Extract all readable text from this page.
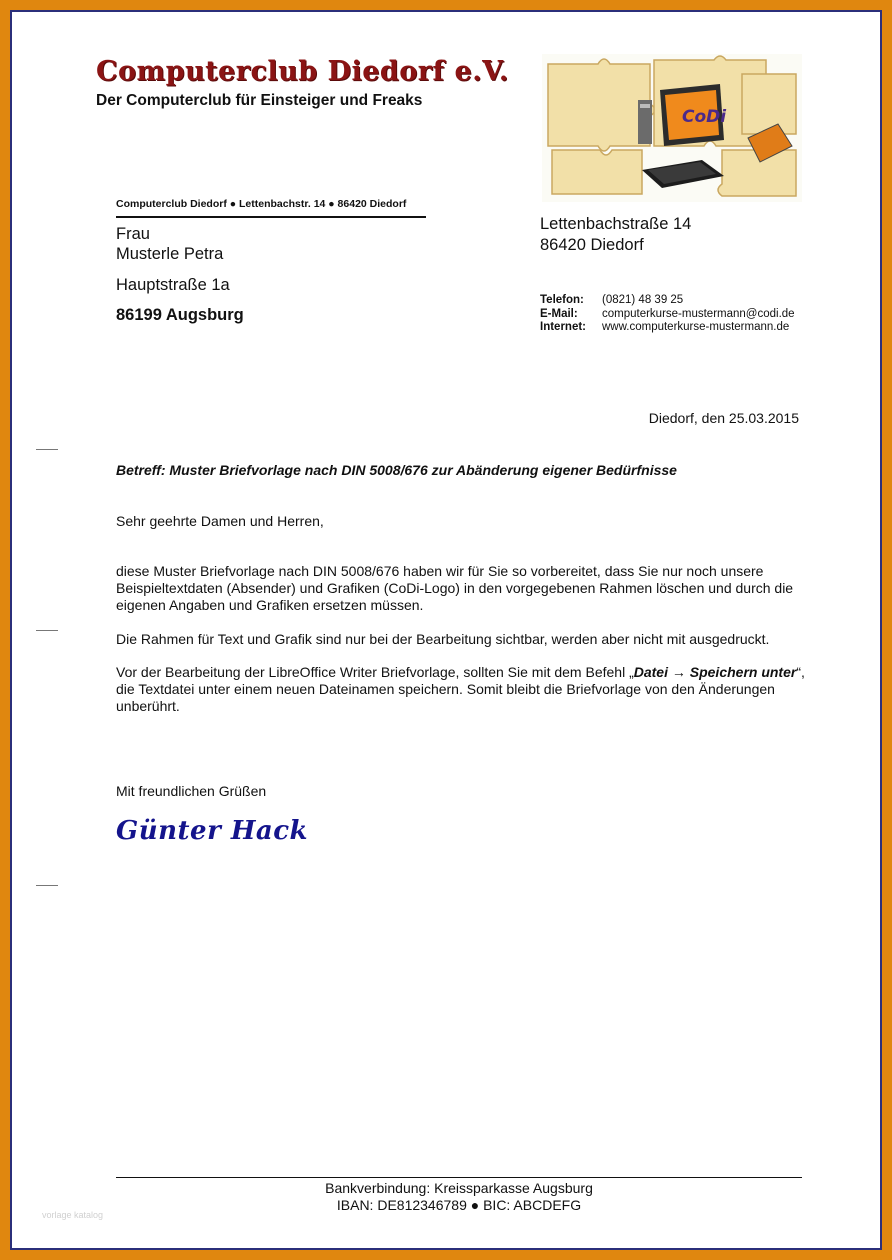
Computerclub Diedorf e.V.
Der Computerclub für Einsteiger und Freaks
CoDi
Computerclub Diedorf ● Lettenbachstr. 14 ● 86420 Diedorf
Frau
Musterle Petra
Hauptstraße 1a
86199 Augsburg
Lettenbachstraße 14
86420 Diedorf
Telefon:	(0821) 48 39 25
E-Mail:	computerkurse-mustermann@codi.de
Internet:	www.computerkurse-mustermann.de
Diedorf, den 25.03.2015
Betreff: Muster Briefvorlage nach DIN 5008/676 zur Abänderung eigener Bedürfnisse
Sehr geehrte Damen und Herren,
diese Muster Briefvorlage nach DIN 5008/676 haben wir für Sie so vorbereitet, dass Sie nur noch unsere Beispieltextdaten (Absender) und Grafiken (CoDi-Logo) in den vorgegebenen Rahmen löschen und durch die eigenen Angaben und Grafiken ersetzen müssen.
Die Rahmen für Text und Grafik sind nur bei der Bearbeitung sichtbar, werden aber nicht mit ausgedruckt.
Vor der Bearbeitung der LibreOffice Writer Briefvorlage, sollten Sie mit dem Befehl „Datei → Speichern unter“, die Textdatei unter einem neuen Dateinamen speichern. Somit bleibt die Briefvorlage von den Änderungen unberührt.
Mit freundlichen Grüßen
Günter Hack
Bankverbindung: Kreissparkasse Augsburg
IBAN: DE812346789 ● BIC: ABCDEFG
vorlage katalog
